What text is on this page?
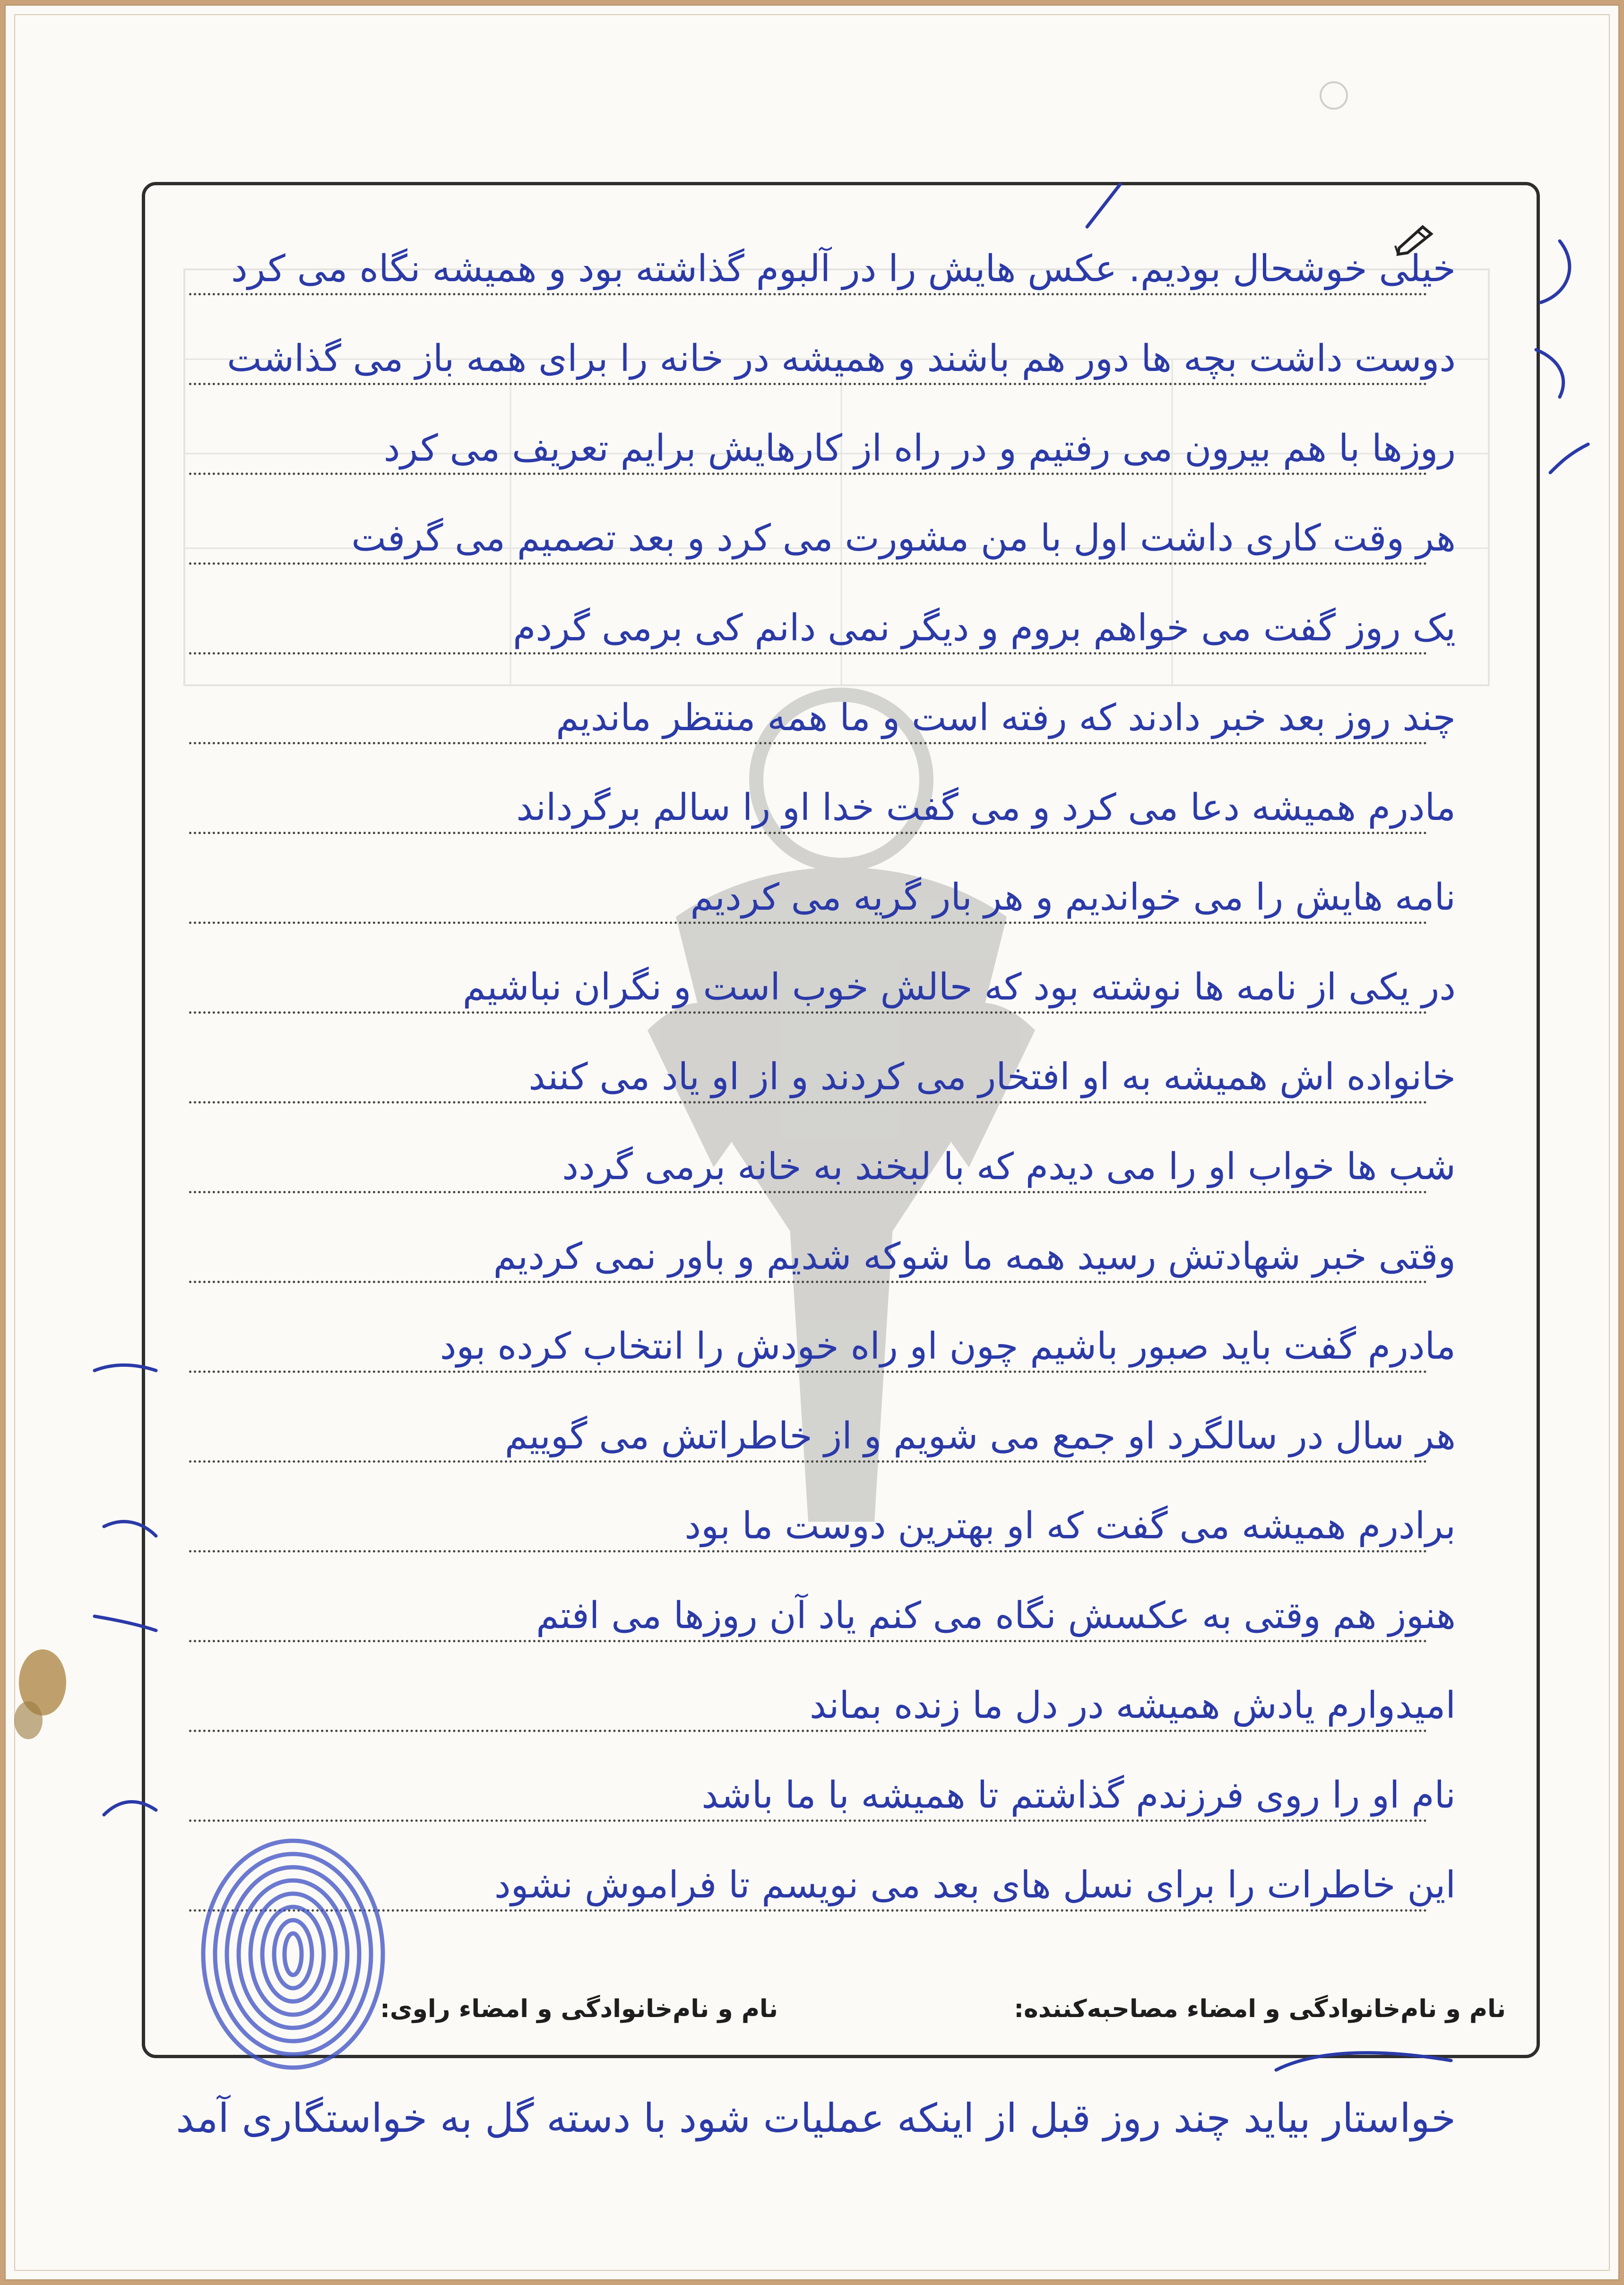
خیلی خوشحال بودیم. عکس هایش را در آلبوم گذاشته بود و همیشه نگاه می کرد
دوست داشت بچه ها دور هم باشند و همیشه در خانه را برای همه باز می گذاشت
روزها با هم بیرون می رفتیم و در راه از کارهایش برایم تعریف می کرد
هر وقت کاری داشت اول با من مشورت می کرد و بعد تصمیم می گرفت
یک روز گفت می خواهم بروم و دیگر نمی دانم کی برمی گردم
چند روز بعد خبر دادند که رفته است و ما همه منتظر ماندیم
مادرم همیشه دعا می کرد و می گفت خدا او را سالم برگرداند
نامه هایش را می خواندیم و هر بار گریه می کردیم
در یکی از نامه ها نوشته بود که حالش خوب است و نگران نباشیم
خانواده اش همیشه به او افتخار می کردند و از او یاد می کنند
شب ها خواب او را می دیدم که با لبخند به خانه برمی گردد
وقتی خبر شهادتش رسید همه ما شوکه شدیم و باور نمی کردیم
مادرم گفت باید صبور باشیم چون او راه خودش را انتخاب کرده بود
هر سال در سالگرد او جمع می شویم و از خاطراتش می گوییم
برادرم همیشه می گفت که او بهترین دوست ما بود
هنوز هم وقتی به عکسش نگاه می کنم یاد آن روزها می افتم
امیدوارم یادش همیشه در دل ما زنده بماند
نام او را روی فرزندم گذاشتم تا همیشه با ما باشد
این خاطرات را برای نسل های بعد می نویسم تا فراموش نشود
نام و نام‌خانوادگی و امضاء مصاحبه‌کننده:
نام و نام‌خانوادگی و امضاء راوی:
خواستار بیاید چند روز قبل از اینکه عملیات شود با دسته گل به خواستگاری آمد
